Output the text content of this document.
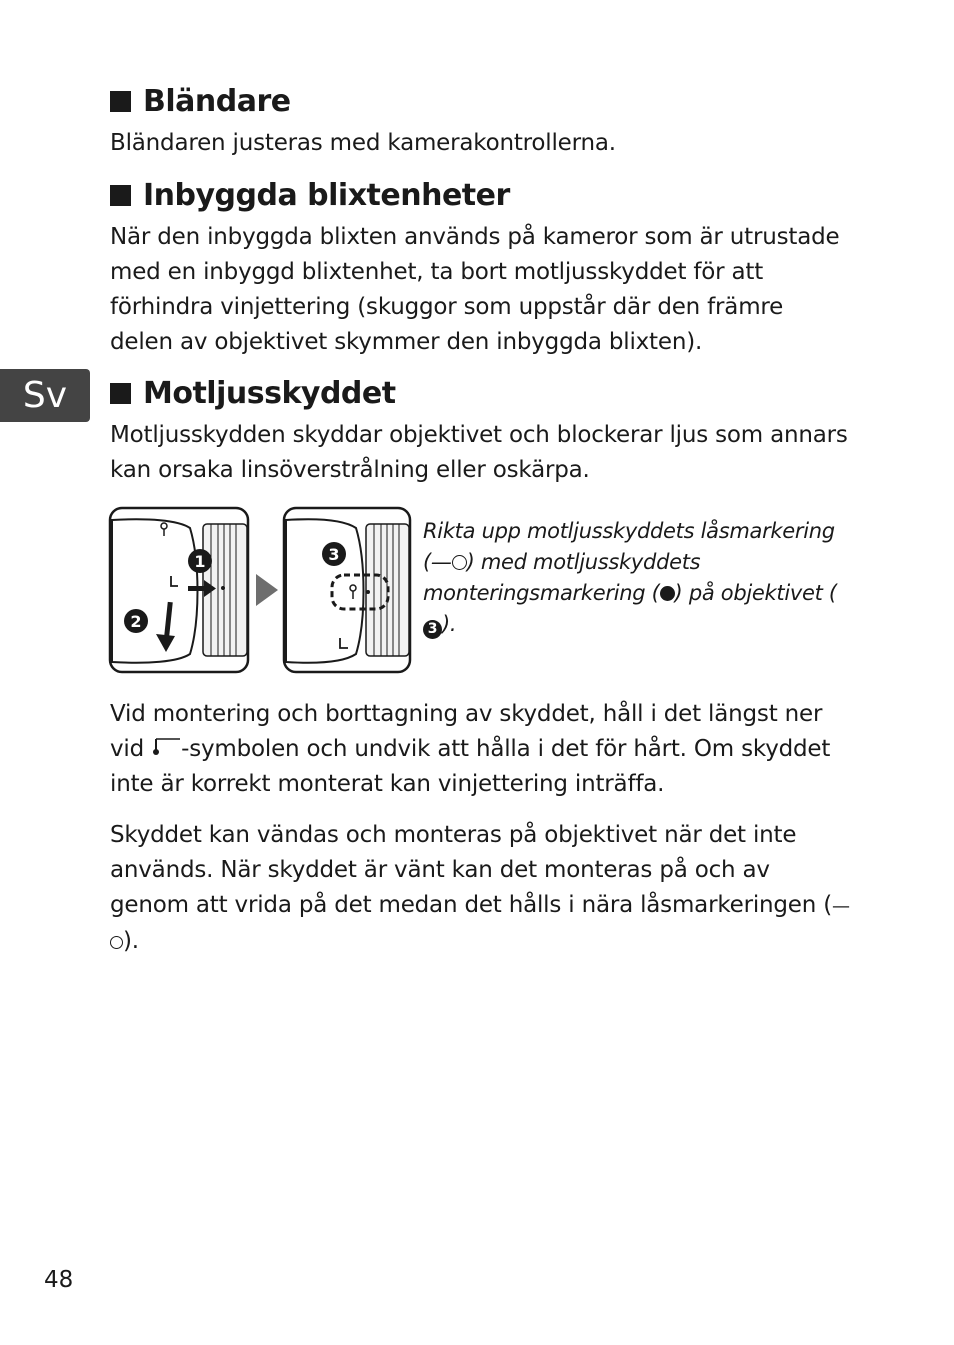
Sv
Bländare

Bländaren justeras med kamerakontrollerna.

Inbyggda blixtenheter

När den inbyggda blixten används på kameror som är utrustade med en inbyggd blixtenhet, ta bort motljusskyddet för att förhindra vinjettering (skuggor som uppstår där den främre delen av objektivet skymmer den inbyggda blixten).

Motljusskyddet

Motljusskydden skyddar objektivet och blockerar ljus som annars kan orsaka linsöverstrålning eller oskärpa.

1
2
3

Rikta upp motljusskyddets låsmarkering (— ) med motljusskyddets monteringsmarkering ( ) på objektivet (3 ).

Vid montering och borttagning av skyddet, håll i det längst ner vid -symbolen och undvik att hålla i det för hårt. Om skyddet inte är korrekt monterat kan vinjettering inträffa.

Skyddet kan vändas och monteras på objektivet när det inte används. När skyddet är vänt kan det monteras på och av genom att vrida på det medan det hålls i nära låsmarkeringen (—).

48
